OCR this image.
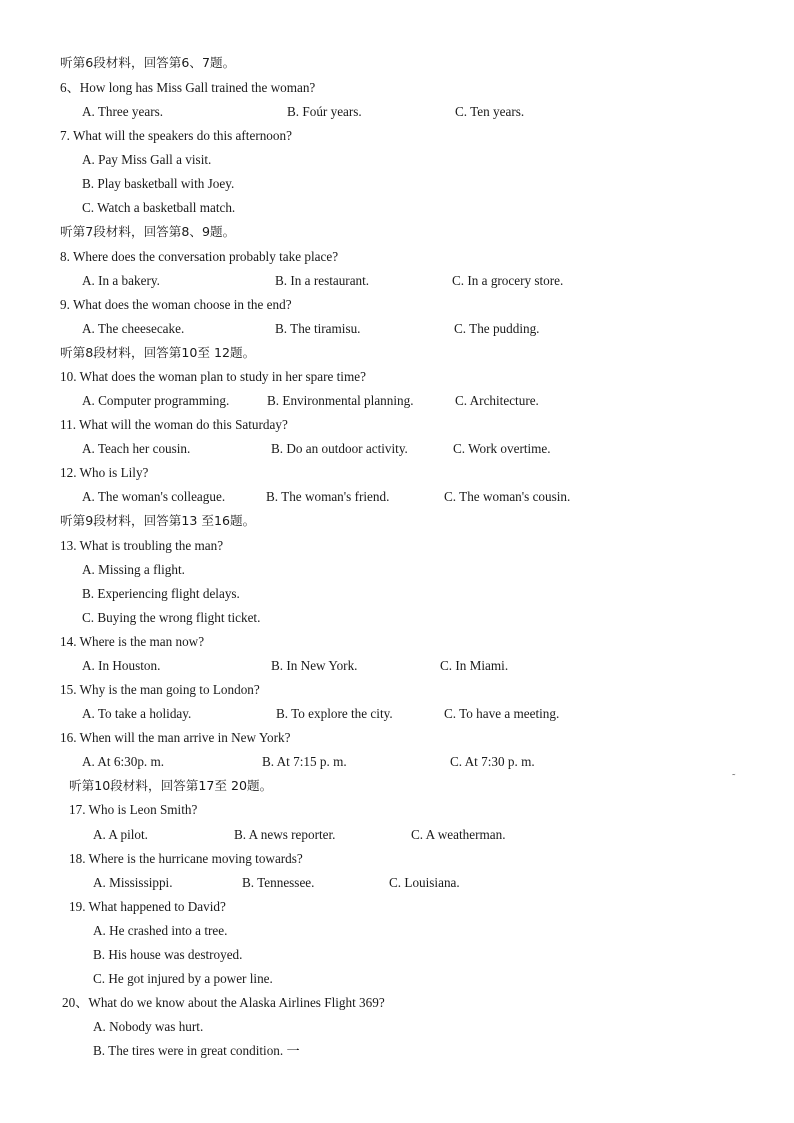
听第6段材料，回答第6、7题。
6、How long has Miss Gall trained the woman?
A. Three years.	B. Foúr years.	C. Ten years.
7. What will the speakers do this afternoon?
A. Pay Miss Gall a visit.
B. Play basketball with Joey.
C. Watch a basketball match.
听第7段材料，回答第8、9题。
8. Where does the conversation probably take place?
A. In a bakery.	B. In a restaurant.	C. In a grocery store.
9. What does the woman choose in the end?
A. The cheesecake.	B. The tiramisu.	C. The pudding.
听第8段材料，回答第10至 12题。
10. What does the woman plan to study in her spare time?
A. Computer programming.	B. Environmental planning.	C. Architecture.
11. What will the woman do this Saturday?
A. Teach her cousin.	B. Do an outdoor activity.	C. Work overtime.
12. Who is Lily?
A. The woman's colleague.	B. The woman's friend.	C. The woman's cousin.
听第9段材料，回答第13 至16题。
13. What is troubling the man?
A. Missing a flight.
B. Experiencing flight delays.
C. Buying the wrong flight ticket.
14. Where is the man now?
A. In Houston.	B. In New York.	C. In Miami.
15. Why is the man going to London?
A. To take a holiday.	B. To explore the city.	C. To have a meeting.
16. When will the man arrive in New York?
A. At 6:30p. m.	B. At 7:15 p. m.	C. At 7:30 p. m.
听第10段材料，回答第17至 20题。	˜
17. Who is Leon Smith?
A. A pilot.	B. A news reporter.	C. A weatherman.
18. Where is the hurricane moving towards?
A. Mississippi.	B. Tennessee.	C. Louisiana.
19. What happened to David?
A. He crashed into a tree.
B. His house was destroyed.
C. He got injured by a power line.
20、What do we know about the Alaska Airlines Flight 369?
A. Nobody was hurt.
B. The tires were in great condition. 一
